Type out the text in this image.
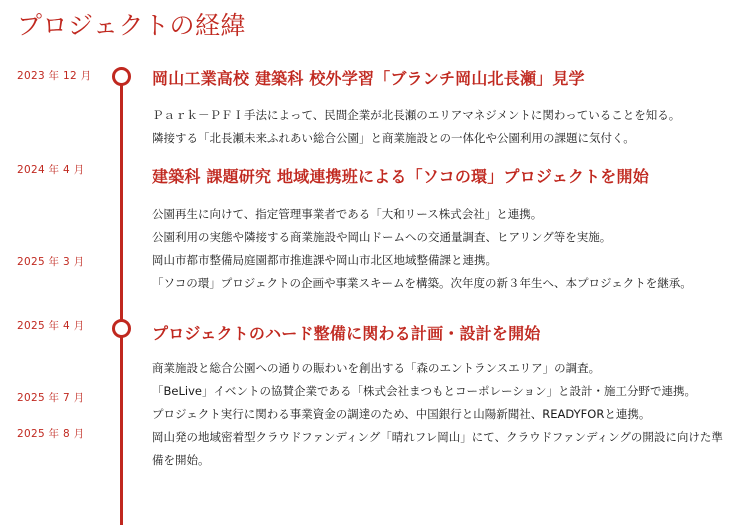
プロジェクトの経緯
2023 年 12 月
2024 年 4 月
2025 年 3 月
2025 年 4 月
2025 年 7 月
2025 年 8 月
岡山工業高校 建築科 校外学習「ブランチ岡山北長瀬」見学
Ｐａｒｋ－ＰＦＩ手法によって、民間企業が北長瀬のエリアマネジメントに関わっていることを知る。
隣接する「北長瀬未来ふれあい総合公園」と商業施設との一体化や公園利用の課題に気付く。
建築科 課題研究 地域連携班による「ソコの環」プロジェクトを開始
公園再生に向けて、指定管理事業者である「大和リース株式会社」と連携。
公園利用の実態や隣接する商業施設や岡山ドームへの交通量調査、ヒアリング等を実施。
岡山市都市整備局庭園都市推進課や岡山市北区地域整備課と連携。
「ソコの環」プロジェクトの企画や事業スキームを構築。次年度の新３年生へ、本プロジェクトを継承。
プロジェクトのハード整備に関わる計画・設計を開始
商業施設と総合公園への通りの賑わいを創出する「森のエントランスエリア」の調査。
「BeLive」イベントの協賛企業である「株式会社まつもとコーポレーション」と設計・施工分野で連携。
プロジェクト実行に関わる事業資金の調達のため、中国銀行と山陽新聞社、READYFORと連携。
岡山発の地域密着型クラウドファンディング「晴れフレ岡山」にて、クラウドファンディングの開設に向けた準
備を開始。
